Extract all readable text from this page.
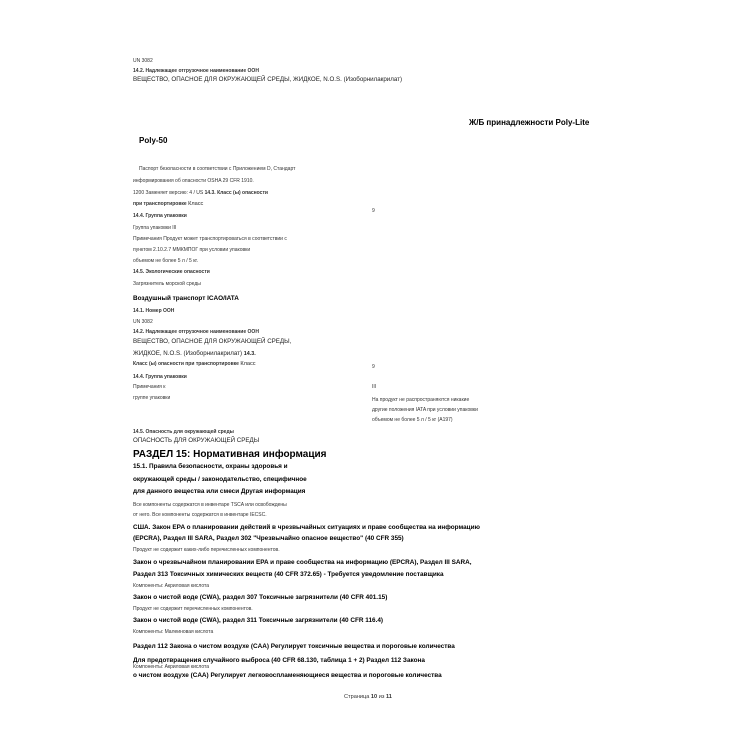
UN 3082
14.2. Надлежащее отгрузочное наименование ООН
ВЕЩЕСТВО, ОПАСНОЕ ДЛЯ ОКРУЖАЮЩЕЙ СРЕДЫ, ЖИДКОЕ, N.O.S. (Изоборнилакрилат)
Ж/Б принадлежности Poly-Lite
Poly-50
Паспорт безопасности в соответствии с Приложением D, Стандарт
информирования об опасности OSHA 29 CFR 1910.
1200 Заменяет версию: 4 / US 14.3. Класс (ы) опасности
при транспортировке Класс
9
14.4. Группа упаковки
Группа упаковки III
Примечания Продукт может транспортироваться в соответствии с
пунктом 2.10.2.7 ММКМПОГ при условии упаковки
объемом не более 5 л / 5 кг.
14.5. Экологические опасности
Загрязнитель морской среды
Воздушный транспорт ICAO/IATA
14.1. Номер ООН
UN 3082
14.2. Надлежащее отгрузочное наименование ООН
ВЕЩЕСТВО, ОПАСНОЕ ДЛЯ ОКРУЖАЮЩЕЙ СРЕДЫ,
ЖИДКОЕ, N.O.S. (Изоборнилакрилат) 14.3.
Класс (ы) опасности при транспортировке Класс	9
14.4. Группа упаковки
Примечания к	III
группе упаковки	На продукт не распространяются никакие
другие положения IATA при условии упаковки
объемом не более 5 л / 5 кг (A197)
14.5. Опасность для окружающей среды
ОПАСНОСТЬ ДЛЯ ОКРУЖАЮЩЕЙ СРЕДЫ
РАЗДЕЛ 15: Нормативная информация
15.1. Правила безопасности, охраны здоровья и
окружающей среды / законодательство, специфичное
для данного вещества или смеси Другая информация
Все компоненты содержатся в инвентаре TSCA или освобождены
от него. Все компоненты содержатся в инвентаре IECSC.
США. Закон EPA о планировании действий в чрезвычайных ситуациях и праве сообщества на информацию
(EPCRA), Раздел III SARA, Раздел 302 "Чрезвычайно опасное вещество" (40 CFR 355)
Продукт не содержит каких-либо перечисленных компонентов.
Закон о чрезвычайном планировании EPA и праве сообщества на информацию (EPCRA), Раздел III SARA,
Раздел 313 Токсичных химических веществ (40 CFR 372.65) - Требуется уведомление поставщика
Компоненты: Акриловая кислота
Закон о чистой воде (CWA), раздел 307 Токсичные загрязнители (40 CFR 401.15)
Продукт не содержит перечисленных компонентов.
Закон о чистой воде (CWA), раздел 311 Токсичные загрязнители (40 CFR 116.4)
Компоненты: Малеиновая кислота
Раздел 112 Закона о чистом воздухе (CAA) Регулирует токсичные вещества и пороговые количества
Для предотвращения случайного выброса (40 CFR 68.130, таблица 1 + 2) Раздел 112 Закона
Компоненты: Акриловая кислота
о чистом воздухе (CAA) Регулирует легковоспламеняющиеся вещества и пороговые количества
Страница 10 из 11
